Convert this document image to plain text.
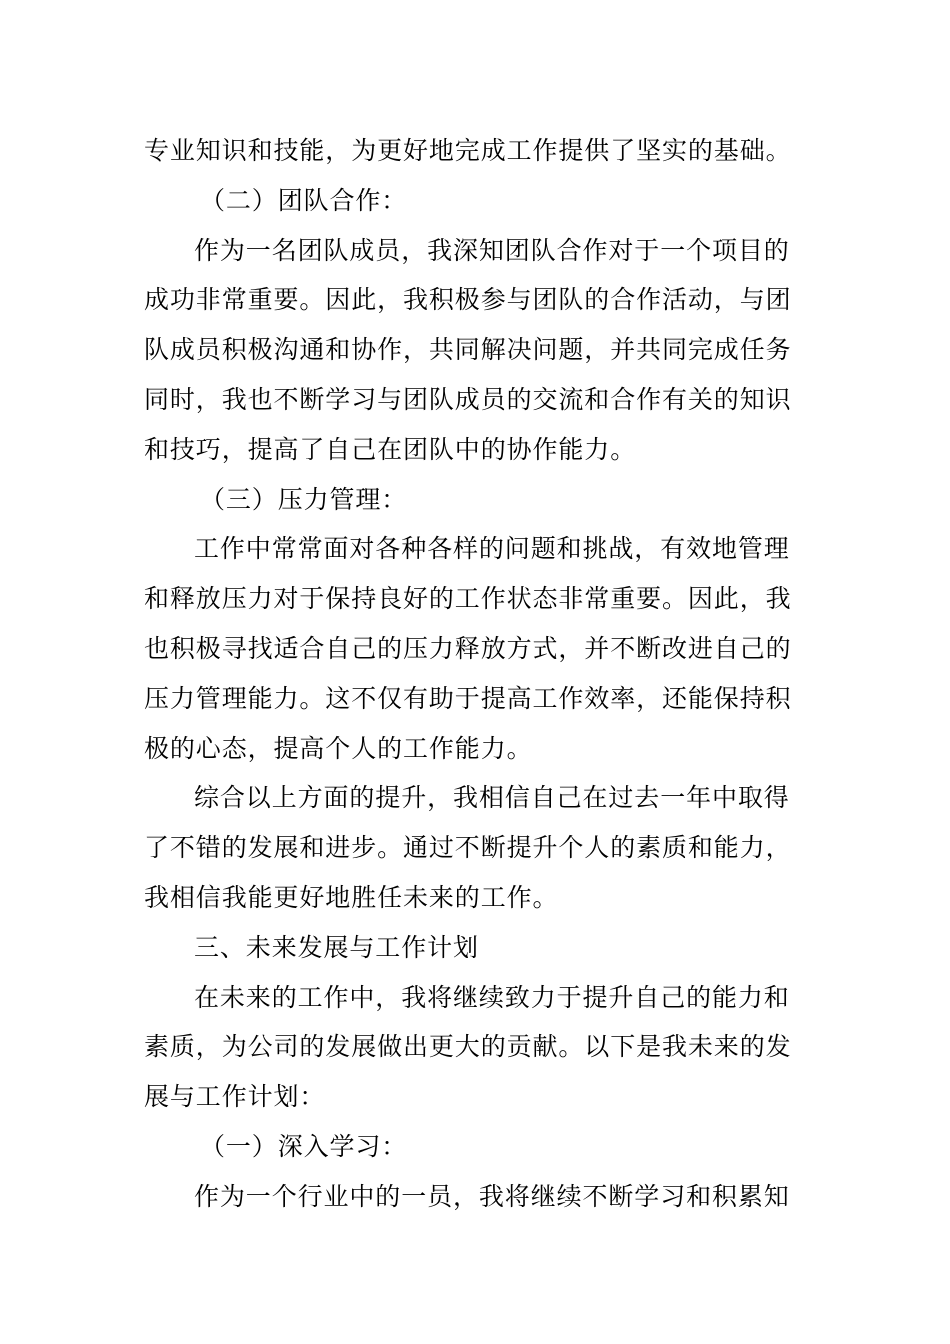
专业知识和技能，为更好地完成工作提供了坚实的基础。
（二）团队合作：
作为一名团队成员，我深知团队合作对于一个项目的
成功非常重要。因此，我积极参与团队的合作活动，与团
队成员积极沟通和协作，共同解决问题，并共同完成任务
同时，我也不断学习与团队成员的交流和合作有关的知识
和技巧，提高了自己在团队中的协作能力。
（三）压力管理：
工作中常常面对各种各样的问题和挑战，有效地管理
和释放压力对于保持良好的工作状态非常重要。因此，我
也积极寻找适合自己的压力释放方式，并不断改进自己的
压力管理能力。这不仅有助于提高工作效率，还能保持积
极的心态，提高个人的工作能力。
综合以上方面的提升，我相信自己在过去一年中取得
了不错的发展和进步。通过不断提升个人的素质和能力，
我相信我能更好地胜任未来的工作。
三、未来发展与工作计划
在未来的工作中，我将继续致力于提升自己的能力和
素质，为公司的发展做出更大的贡献。以下是我未来的发
展与工作计划：
（一）深入学习：
作为一个行业中的一员，我将继续不断学习和积累知
